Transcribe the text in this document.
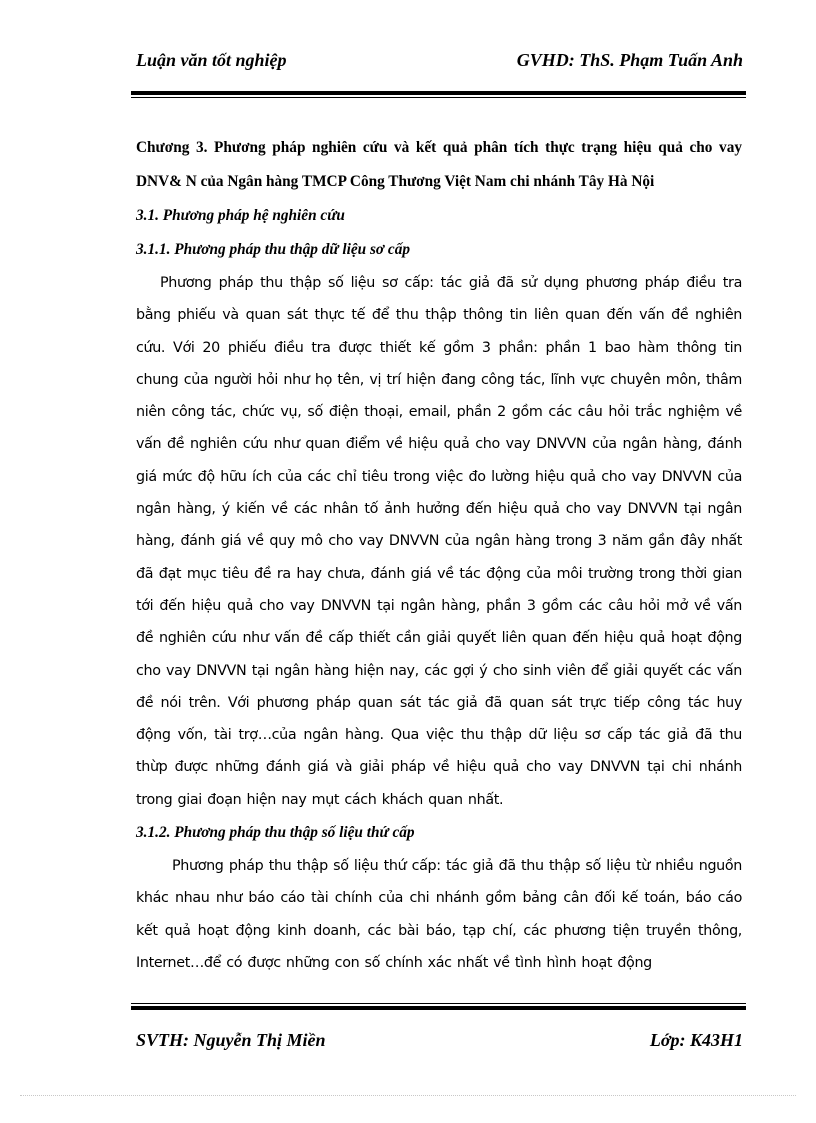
Luận văn tốt nghiệp	GVHD: ThS. Phạm Tuấn Anh

Chương 3. Phương pháp nghiên cứu và kết quả phân tích thực trạng hiệu quả cho vay DNV& N của Ngân hàng TMCP Công Thương Việt Nam chi nhánh Tây Hà Nội

3.1. Phương pháp hệ nghiên cứu

3.1.1. Phương pháp thu thập dữ liệu sơ cấp

Phương pháp thu thập số liệu sơ cấp: tác giả đã sử dụng phương pháp điều tra bằng phiếu và quan sát thực tế để thu thập thông tin liên quan đến vấn đề nghiên cứu. Với 20 phiếu điều tra được thiết kế gồm 3 phần: phần 1 bao hàm thông tin chung của người hỏi như họ tên, vị trí hiện đang công tác, lĩnh vực chuyên môn, thâm niên công tác, chức vụ, số điện thoại, email, phần 2 gồm các câu hỏi trắc nghiệm về vấn đề nghiên cứu như quan điểm về hiệu quả cho vay DNVVN của ngân hàng, đánh giá mức độ hữu ích của các chỉ tiêu trong việc đo lường hiệu quả cho vay DNVVN của ngân hàng, ý kiến về các nhân tố ảnh hưởng đến hiệu quả cho vay DNVVN tại ngân hàng, đánh giá về quy mô cho vay DNVVN của ngân hàng trong 3 năm gần đây nhất đã đạt mục tiêu đề ra hay chưa, đánh giá về tác động của môi trường trong thời gian tới đến hiệu quả cho vay DNVVN tại ngân hàng, phần 3 gồm các câu hỏi mở về vấn đề nghiên cứu như vấn đề cấp thiết cần giải quyết liên quan đến hiệu quả hoạt động cho vay DNVVN tại ngân hàng hiện nay, các gợi ý cho sinh viên để giải quyết các vấn đề nói trên. Với phương pháp quan sát tác giả đã quan sát trực tiếp công tác huy động vốn, tài trợ…của ngân hàng. Qua việc thu thập dữ liệu sơ cấp tác giả đã thu thừp được những đánh giá và giải pháp về hiệu quả cho vay DNVVN tại chi nhánh trong giai đoạn hiện nay mụt cách khách quan nhất.

3.1.2. Phương pháp thu thập số liệu thứ cấp

Phương pháp thu thập số liệu thứ cấp: tác giả đã thu thập số liệu từ nhiều nguồn khác nhau như báo cáo tài chính của chi nhánh gồm bảng cân đối kế toán, báo cáo kết quả hoạt động kinh doanh, các bài báo, tạp chí, các phương tiện truyền thông, Internet…để có được những con số chính xác nhất về tình hình hoạt động

SVTH: Nguyễn Thị Miền	Lớp: K43H1
